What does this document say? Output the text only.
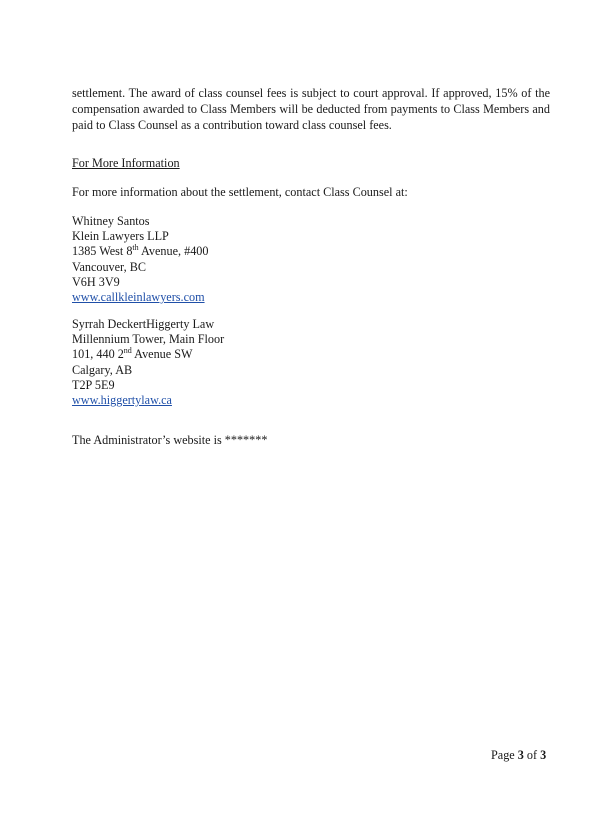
settlement. The award of class counsel fees is subject to court approval. If approved, 15% of the compensation awarded to Class Members will be deducted from payments to Class Members and paid to Class Counsel as a contribution toward class counsel fees.

For More Information

For more information about the settlement, contact Class Counsel at:

Whitney Santos
Klein Lawyers LLP
1385 West 8th Avenue, #400
Vancouver, BC
V6H 3V9
www.callkleinlawyers.com
Syrrah DeckertHiggerty Law
Millennium Tower, Main Floor
101, 440 2nd Avenue SW
Calgary, AB
T2P 5E9
www.higgertylaw.ca

The Administrator’s website is *******

Page 3 of 3
